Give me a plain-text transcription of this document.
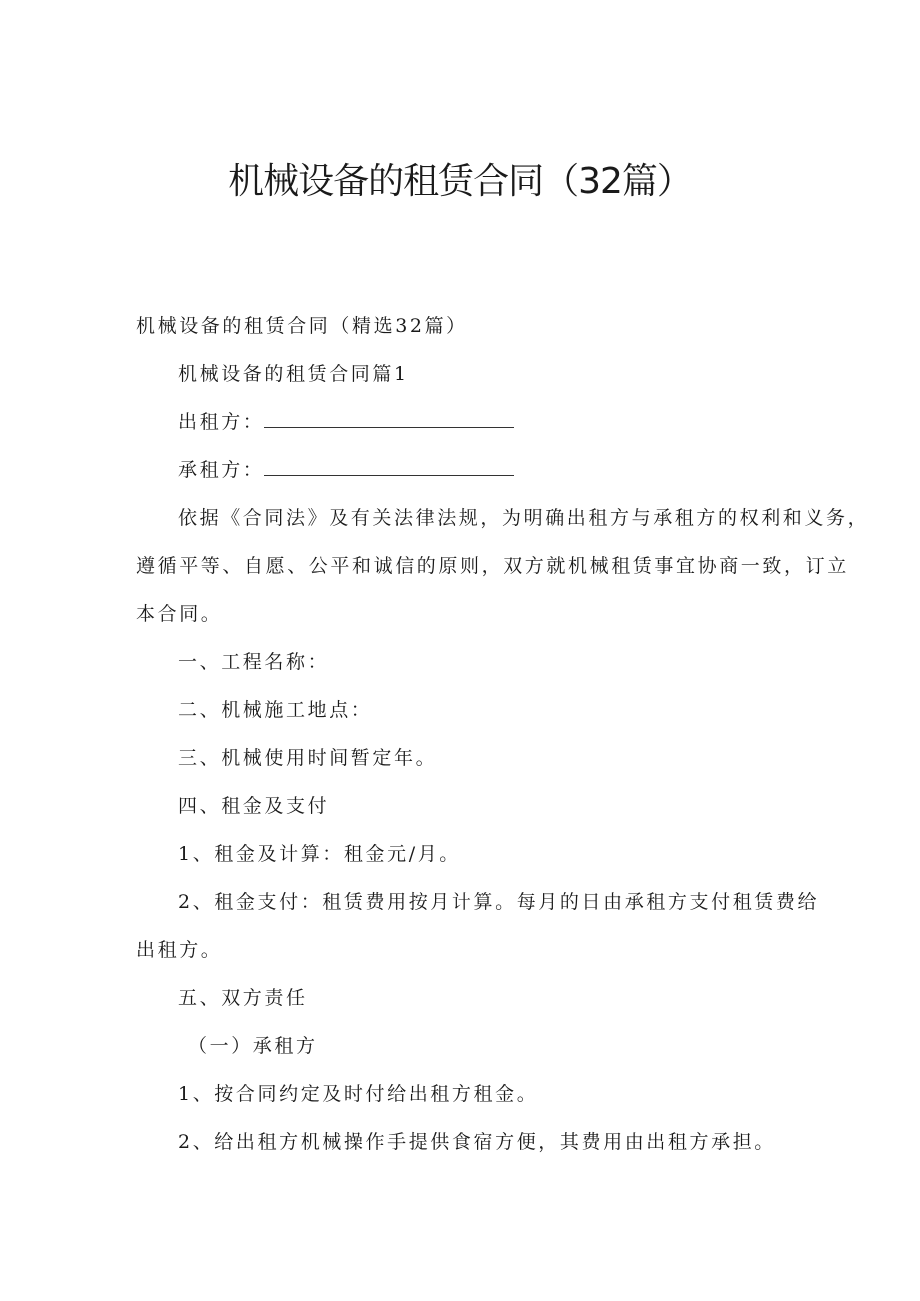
机械设备的租赁合同（32篇）
机械设备的租赁合同（精选32篇）
机械设备的租赁合同篇1
出租方：
承租方：
依据《合同法》及有关法律法规，为明确出租方与承租方的权利和义务，
遵循平等、自愿、公平和诚信的原则，双方就机械租赁事宜协商一致，订立
本合同。
一、工程名称：
二、机械施工地点：
三、机械使用时间暂定年。
四、租金及支付
1、租金及计算：租金元/月。
2、租金支付：租赁费用按月计算。每月的日由承租方支付租赁费给
出租方。
五、双方责任
（一）承租方
1、按合同约定及时付给出租方租金。
2、给出租方机械操作手提供食宿方便，其费用由出租方承担。
